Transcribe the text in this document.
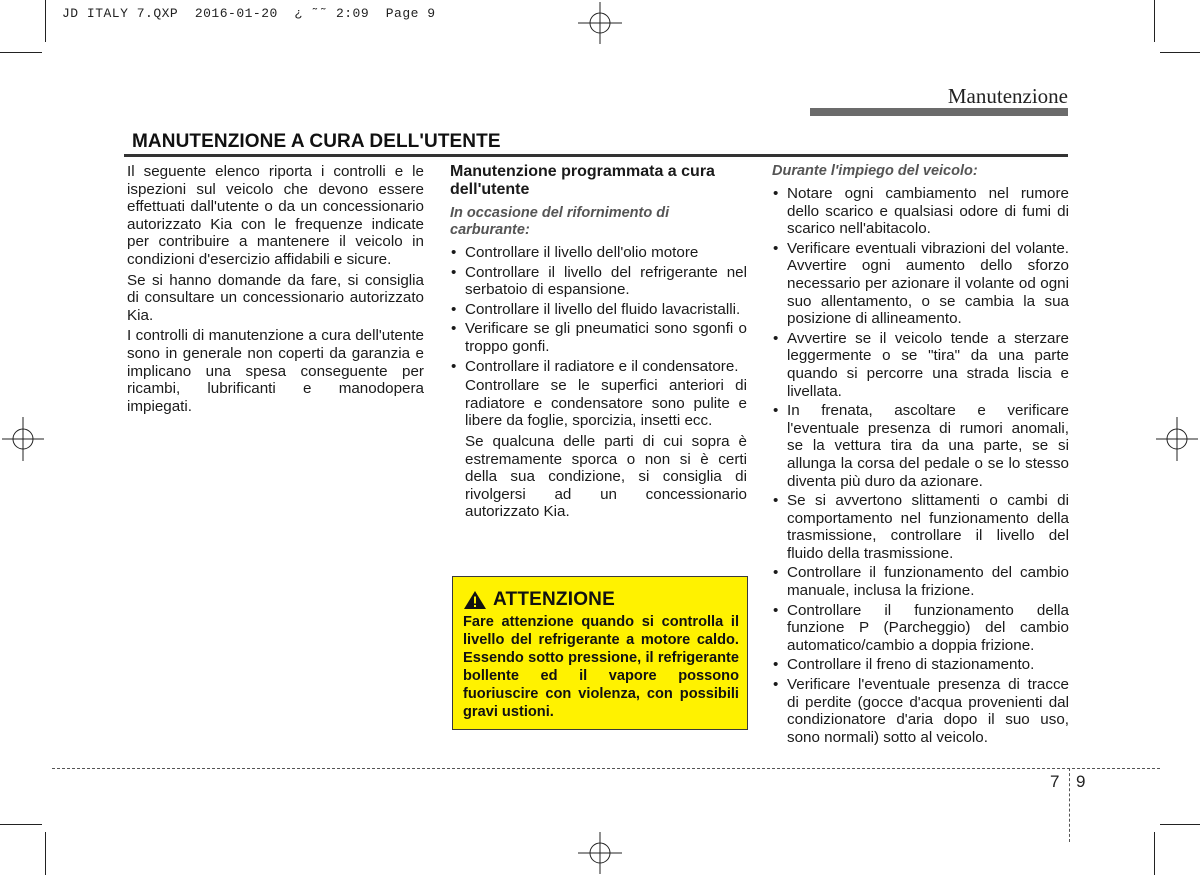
JD ITALY 7.QXP  2016-01-20  ¿ ˜˜ 2:09  Page 9
Manutenzione
MANUTENZIONE A CURA DELL'UTENTE

Il seguente elenco riporta i controlli e le ispezioni sul veicolo che devono essere effettuati dall'utente o da un concessionario autorizzato Kia con le frequenze indicate per contribuire a mantenere il veicolo in condizioni d'esercizio affidabili e sicure.

Se si hanno domande da fare, si consiglia di consultare un concessionario autorizzato Kia.

I controlli di manutenzione a cura dell'utente sono in generale non coperti da garanzia e implicano una spesa conseguente per ricambi, lubrificanti e manodopera impiegati.

Manutenzione programmata a cura dell'utente
In occasione del rifornimento di carburante:
• Controllare il livello dell'olio motore
• Controllare il livello del refrigerante nel serbatoio di espansione.
• Controllare il livello del fluido lavacristalli.
• Verificare se gli pneumatici sono sgonfi o troppo gonfi.
• Controllare il radiatore e il condensatore.
Controllare se le superfici anteriori di radiatore e condensatore sono pulite e libere da foglie, sporcizia, insetti ecc.
Se qualcuna delle parti di cui sopra è estremamente sporca o non si è certi della sua condizione, si consiglia di rivolgersi ad un concessionario autorizzato Kia.
ATTENZIONE
Fare attenzione quando si controlla il livello del refrigerante a motore caldo. Essendo sotto pressione, il refrigerante bollente ed il vapore possono fuoriuscire con violenza, con possibili gravi ustioni.
Durante l'impiego del veicolo:
• Notare ogni cambiamento nel rumore dello scarico e qualsiasi odore di fumi di scarico nell'abitacolo.
• Verificare eventuali vibrazioni del volante. Avvertire ogni aumento dello sforzo necessario per azionare il volante od ogni suo allentamento, o se cambia la sua posizione di allineamento.
• Avvertire se il veicolo tende a sterzare leggermente o se "tira" da una parte quando si percorre una strada liscia e livellata.
• In frenata, ascoltare e verificare l'eventuale presenza di rumori anomali, se la vettura tira da una parte, se si allunga la corsa del pedale o se lo stesso diventa più duro da azionare.
• Se si avvertono slittamenti o cambi di comportamento nel funzionamento della trasmissione, controllare il livello del fluido della trasmissione.
• Controllare il funzionamento del cambio manuale, inclusa la frizione.
• Controllare il funzionamento della funzione P (Parcheggio) del cambio automatico/cambio a doppia frizione.
• Controllare il freno di stazionamento.
• Verificare l'eventuale presenza di tracce di perdite (gocce d'acqua provenienti dal condizionatore d'aria dopo il suo uso, sono normali) sotto al veicolo.
7 9
